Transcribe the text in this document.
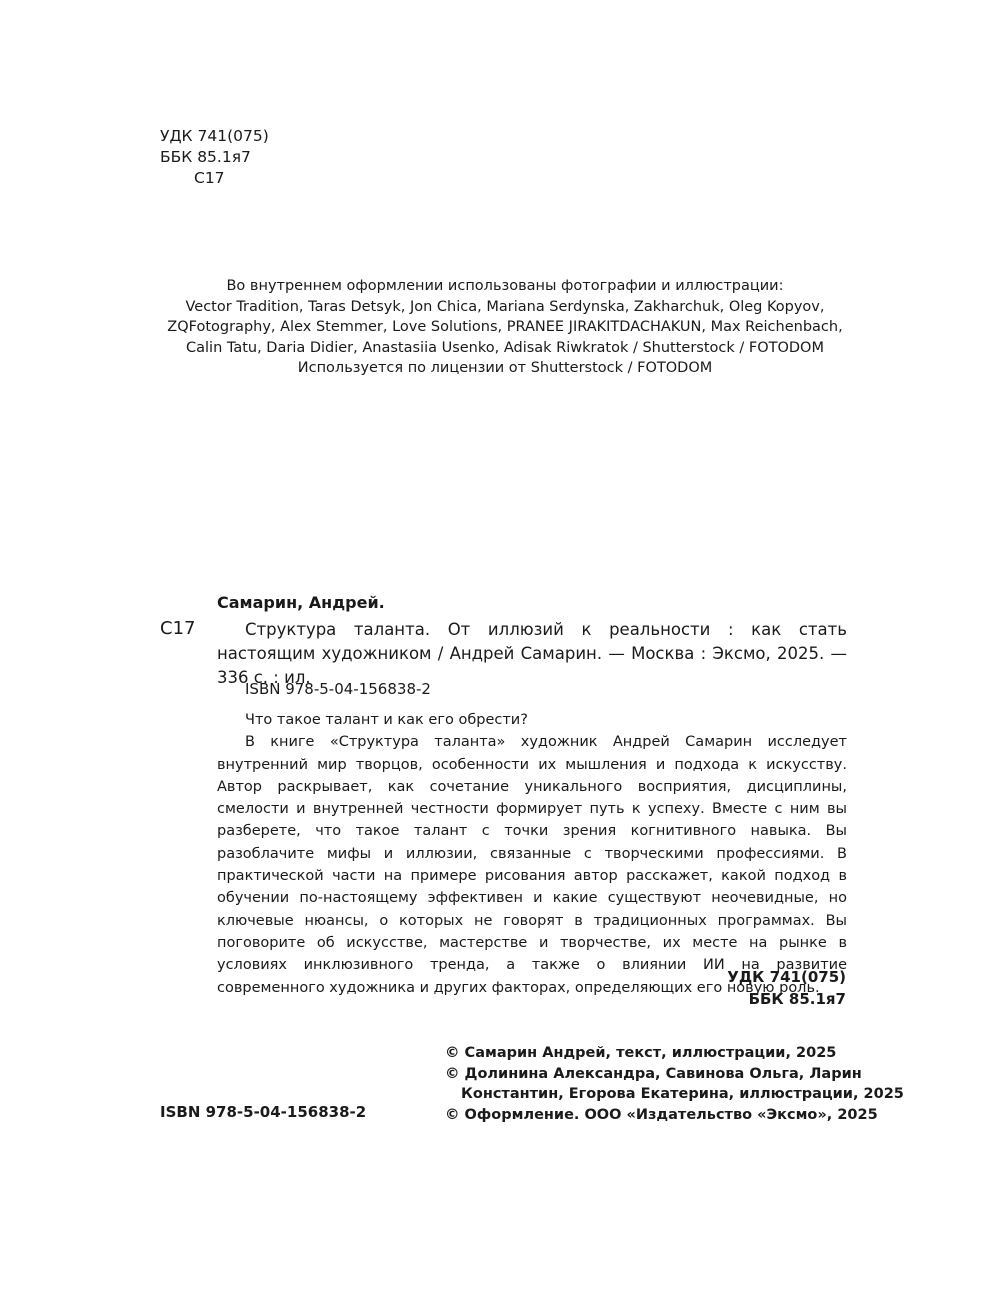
УДК 741(075)
ББК 85.1я7
С17
Во внутреннем оформлении использованы фотографии и иллюстрации:
Vector Tradition, Taras Detsyk, Jon Chica, Mariana Serdynska, Zakharchuk, Oleg Kopyov,
ZQFotography, Alex Stemmer, Love Solutions, PRANEE JIRAKITDACHAKUN, Max Reichenbach,
Calin Tatu, Daria Didier, Anastasiia Usenko, Adisak Riwkratok / Shutterstock / FOTODOM
Используется по лицензии от Shutterstock / FOTODOM
Самарин, Андрей.
С17	Структура таланта. От иллюзий к реальности : как стать настоящим художником / Андрей Самарин. — Москва : Эксмо, 2025. — 336 с. : ил.
ISBN 978-5-04-156838-2
Что такое талант и как его обрести?

В книге «Структура таланта» художник Андрей Самарин исследует внутренний мир творцов, особенности их мышления и подхода к искусству. Автор раскрывает, как сочетание уникального восприятия, дисциплины, смелости и внутренней честности формирует путь к успеху. Вместе с ним вы разберете, что такое талант с точки зрения когнитивного навыка. Вы разоблачите мифы и иллюзии, связанные с творческими профессиями. В практической части на примере рисования автор расскажет, какой подход в обучении по-настоящему эффективен и какие существуют неочевидные, но ключевые нюансы, о которых не говорят в традиционных программах. Вы поговорите об искусстве, мастерстве и творчестве, их месте на рынке в условиях инклюзивного тренда, а также о влиянии ИИ на развитие современного художника и других факторах, определяющих его новую роль.

УДК 741(075)
ББК 85.1я7
© Самарин Андрей, текст, иллюстрации, 2025
© Долинина Александра, Савинова Ольга, Ларин
Константин, Егорова Екатерина, иллюстрации, 2025
© Оформление. ООО «Издательство «Эксмо», 2025
ISBN 978-5-04-156838-2
